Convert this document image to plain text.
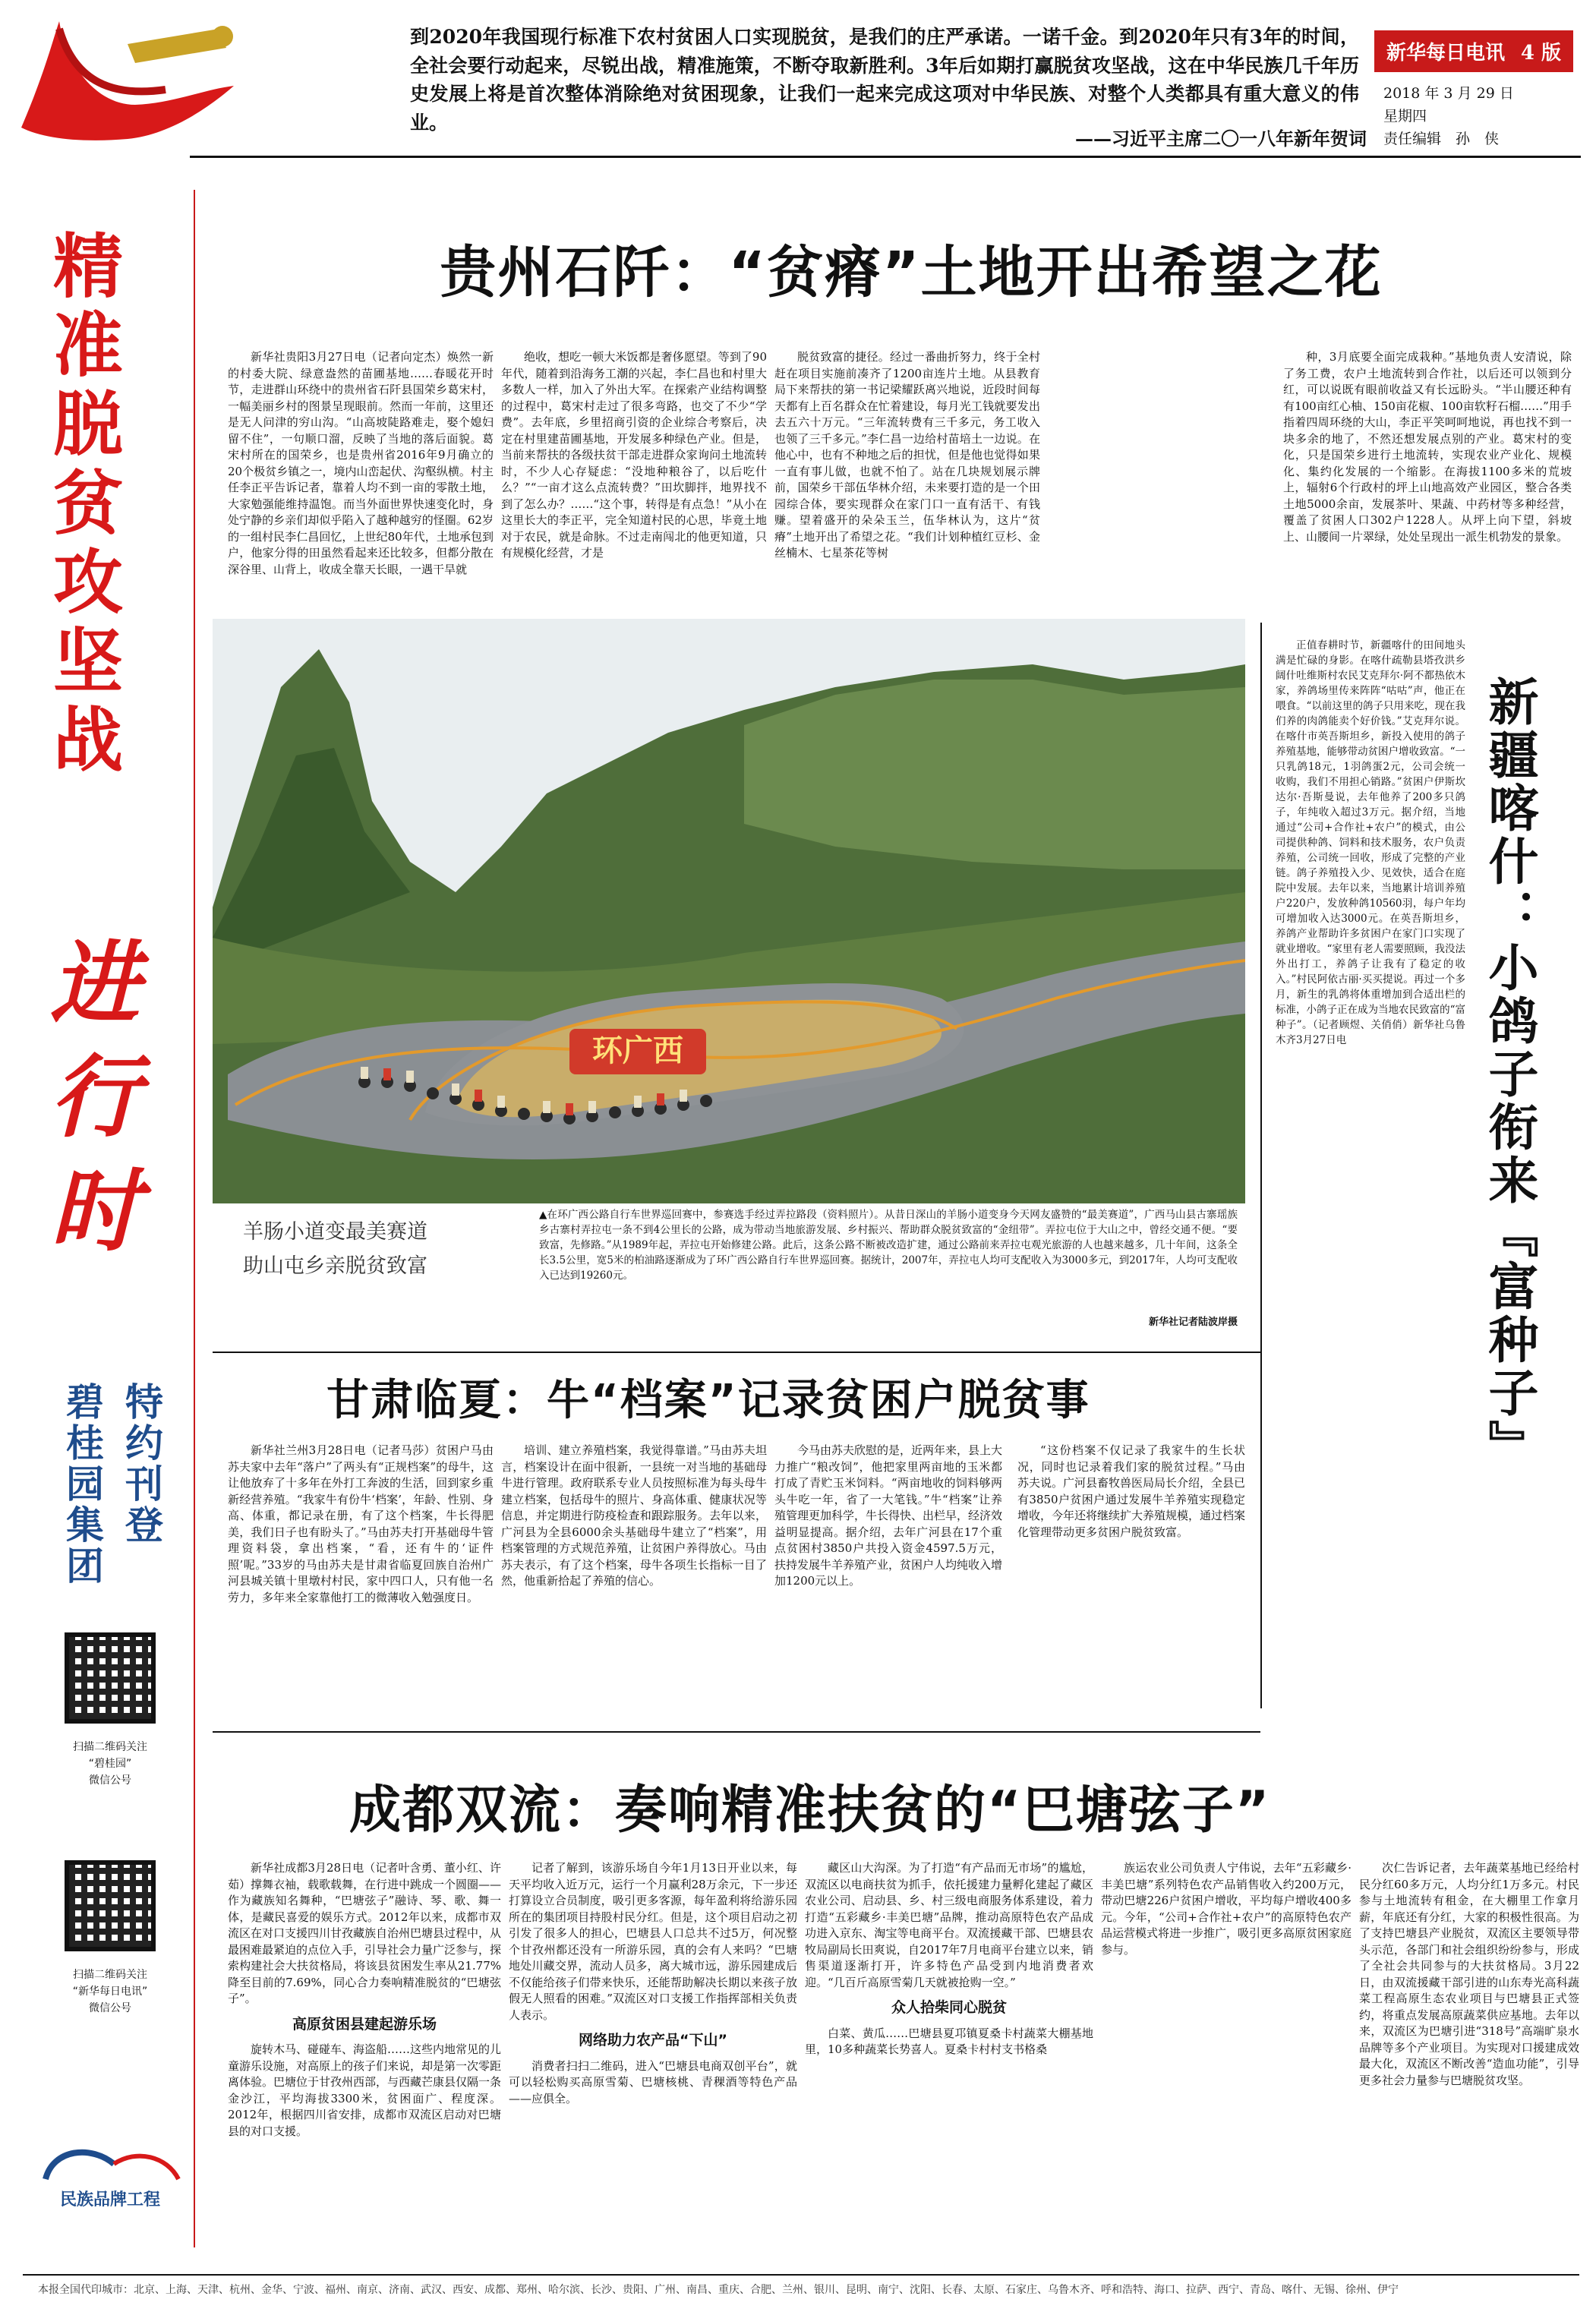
到2020年我国现行标准下农村贫困人口实现脱贫，是我们的庄严承诺。一诺千金。到2020年只有3年的时间，全社会要行动起来，尽锐出战，精准施策，不断夺取新胜利。3年后如期打赢脱贫攻坚战，这在中华民族几千年历史发展上将是首次整体消除绝对贫困现象，让我们一起来完成这项对中华民族、对整个人类都具有重大意义的伟业。
——习近平主席二〇一八年新年贺词
新华每日电讯 4 版
2018 年 3 月 29 日
星期四
责任编辑　孙　侠
精准脱贫攻坚战
进行时
特约刊登
碧桂园集团
扫描二维码关注
“碧桂园”
微信公号
扫描二维码关注
“新华每日电讯”
微信公号
民族品牌工程
贵州石阡：“贫瘠”土地开出希望之花
新华社贵阳3月27日电（记者向定杰）焕然一新的村委大院、绿意盎然的苗圃基地……春暖花开时节，走进群山环绕中的贵州省石阡县国荣乡葛宋村，一幅美丽乡村的图景呈现眼前。然而一年前，这里还是无人问津的穷山沟。“山高坡陡路难走，娶个媳妇留不住”，一句顺口溜，反映了当地的落后面貌。葛宋村所在的国荣乡，也是贵州省2016年9月确立的20个极贫乡镇之一，境内山峦起伏、沟壑纵横。村主任李正平告诉记者，靠着人均不到一亩的零散土地，大家勉强能维持温饱。而当外面世界快速变化时，身处宁静的乡亲们却似乎陷入了越种越穷的怪圈。62岁的一组村民李仁昌回忆，上世纪80年代，土地承包到户，他家分得的田虽然看起来还比较多，但都分散在深谷里、山背上，收成全靠天长眼，一遇干旱就
绝收，想吃一顿大米饭都是奢侈愿望。等到了90年代，随着到沿海务工潮的兴起，李仁昌也和村里大多数人一样，加入了外出大军。在探索产业结构调整的过程中，葛宋村走过了很多弯路，也交了不少“学费”。去年底，乡里招商引资的企业综合考察后，决定在村里建苗圃基地，开发展多种绿色产业。但是，当前来帮扶的各级扶贫干部走进群众家询问土地流转时，不少人心存疑虑：“没地种粮谷了，以后吃什么？”“一亩才这么点流转费？”田坎脚拌，地界找不到了怎么办？……“这个事，转得是有点急！”从小在这里长大的李正平，完全知道村民的心思，毕竟土地对于农民，就是命脉。不过走南闯北的他更知道，只有规模化经营，才是
脱贫致富的捷径。经过一番曲折努力，终于全村赶在项目实施前凑齐了1200亩连片土地。从县教育局下来帮扶的第一书记梁耀跃离兴地说，近段时间每天都有上百名群众在忙着建设，每月光工钱就要发出去五六十万元。“三年流转费有三千多元，务工收入也领了三千多元。”李仁昌一边给村苗培土一边说。在他心中，也有不种地之后的担忧，但是他也觉得如果一直有事儿做，也就不怕了。站在几块规划展示牌前，国荣乡干部伍华林介绍，未来要打造的是一个田园综合体，要实现群众在家门口一直有活干、有钱赚。望着盛开的朵朵玉兰，伍华林认为，这片“贫瘠”土地开出了希望之花。“我们计划种植红豆杉、金丝楠木、七星茶花等树
种，3月底要全面完成栽种。”基地负责人安清说，除了务工费，农户土地流转到合作社，以后还可以领到分红，可以说既有眼前收益又有长远盼头。“半山腰还种有有100亩红心柚、150亩花椒、100亩软籽石榴……”用手指着四周环绕的大山，李正平笑呵呵地说，再也找不到一块多余的地了，不然还想发展点别的产业。葛宋村的变化，只是国荣乡进行土地流转，实现农业产业化、规模化、集约化发展的一个缩影。在海拔1100多米的荒坡上，辐射6个行政村的坪上山地高效产业园区，整合各类土地5000余亩，发展茶叶、果蔬、中药材等多种经营，覆盖了贫困人口302户1228人。从坪上向下望，斜坡上、山腰间一片翠绿，处处呈现出一派生机勃发的景象。
环广西
羊肠小道变最美赛道
助山屯乡亲脱贫致富
▲在环广西公路自行车世界巡回赛中，参赛选手经过弄拉路段（资料照片）。从昔日深山的羊肠小道变身今天网友盛赞的“最美赛道”，广西马山县古寨瑶族乡古寨村弄拉屯一条不到4公里长的公路，成为带动当地旅游发展、乡村振兴、帮助群众脱贫致富的“金纽带”。弄拉屯位于大山之中，曾经交通不便。“要致富，先修路。”从1989年起，弄拉屯开始修建公路。此后，这条公路不断被改造扩建，通过公路前来弄拉屯观光旅游的人也越来越多，几十年间，这条全长3.5公里，宽5米的柏油路逐渐成为了环广西公路自行车世界巡回赛。据统计，2007年，弄拉屯人均可支配收入为3000多元，到2017年，人均可支配收入已达到19260元。
新华社记者陆波岸摄	新疆喀什：小鸽子衔来『富种子』
正值春耕时节，新疆喀什的田间地头满是忙碌的身影。在喀什疏勒县塔孜洪乡阔什吐维斯村农民艾克拜尔·阿不都热依木家，养鸽场里传来阵阵“咕咕”声，他正在喂食。“以前这里的鸽子只用来吃，现在我们养的肉鸽能卖个好价钱。”艾克拜尔说。在喀什市英吾斯坦乡，新投入使用的鸽子养殖基地，能够带动贫困户增收致富。“一只乳鸽18元，1羽鸽蛋2元，公司会统一收购，我们不用担心销路。”贫困户伊斯坎达尔·吾斯曼说，去年他养了200多只鸽子，年纯收入超过3万元。据介绍，当地通过“公司+合作社+农户”的模式，由公司提供种鸽、饲料和技术服务，农户负责养殖，公司统一回收，形成了完整的产业链。鸽子养殖投入少、见效快，适合在庭院中发展。去年以来，当地累计培训养殖户220户，发放种鸽10560羽，每户年均可增加收入达3000元。在英吾斯坦乡，养鸽产业帮助许多贫困户在家门口实现了就业增收。“家里有老人需要照顾，我没法外出打工，养鸽子让我有了稳定的收入。”村民阿依古丽·买买提说。再过一个多月，新生的乳鸽将体重增加到合适出栏的标准，小鸽子正在成为当地农民致富的“富种子”。（记者顾煜、关俏俏）新华社乌鲁木齐3月27日电
甘肃临夏：牛“档案”记录贫困户脱贫事
新华社兰州3月28日电（记者马莎）贫困户马由苏夫家中去年“落户”了两头有“正规档案”的母牛，这让他放弃了十多年在外打工奔波的生活，回到家乡重新经营养殖。“我家牛有份牛‘档案’，年龄、性别、身高、体重，都记录在册，有了这个档案，牛长得肥美，我们日子也有盼头了。”马由苏夫打开基础母牛管理资料袋，拿出档案，“看，还有牛的‘证件照’呢。”33岁的马由苏夫是甘肃省临夏回族自治州广河县城关镇十里墩村村民，家中四口人，只有他一名劳力，多年来全家靠他打工的微薄收入勉强度日。
培训、建立养殖档案，我觉得靠谱。”马由苏夫坦言，档案设计在面中很新，一县统一对当地的基础母牛进行管理。政府联系专业人员按照标准为每头母牛建立档案，包括母牛的照片、身高体重、健康状况等信息，并定期进行防疫检查和跟踪服务。去年以来，广河县为全县6000余头基础母牛建立了“档案”，用档案管理的方式规范养殖，让贫困户养得放心。马由苏夫表示，有了这个档案，母牛各项生长指标一目了然，他重新拾起了养殖的信心。
今马由苏夫欣慰的是，近两年来，县上大力推广“粮改饲”，他把家里两亩地的玉米都打成了青贮玉米饲料。“两亩地收的饲料够两头牛吃一年，省了一大笔钱。”牛“档案”让养殖管理更加科学，牛长得快、出栏早，经济效益明显提高。据介绍，去年广河县在17个重点贫困村3850户共投入资金4597.5万元，扶持发展牛羊养殖产业，贫困户人均纯收入增加1200元以上。
“这份档案不仅记录了我家牛的生长状况，同时也记录着我们家的脱贫过程。”马由苏夫说。广河县畜牧兽医局局长介绍，全县已有3850户贫困户通过发展牛羊养殖实现稳定增收，今年还将继续扩大养殖规模，通过档案化管理带动更多贫困户脱贫致富。
成都双流：奏响精准扶贫的“巴塘弦子”

新华社成都3月28日电（记者叶含勇、董小红、许茹）撑舞衣袖，载歌载舞，在行进中跳成一个圆圈——作为藏族知名舞种，“巴塘弦子”融诗、琴、歌、舞一体，是藏民喜爱的娱乐方式。2012年以来，成都市双流区在对口支援四川甘孜藏族自治州巴塘县过程中，从最困难最紧迫的点位入手，引导社会力量广泛参与，探索构建社会大扶贫格局，将该县贫困发生率从21.77%降至目前的7.69%，同心合力奏响精准脱贫的“巴塘弦子”。

高原贫困县建起游乐场

旋转木马、碰碰车、海盗船……这些内地常见的儿童游乐设施，对高原上的孩子们来说，却是第一次零距离体验。巴塘位于甘孜州西部，与西藏芒康县仅隔一条金沙江，平均海拔3300米，贫困面广、程度深。2012年，根据四川省安排，成都市双流区启动对巴塘县的对口支援。

记者了解到，该游乐场自今年1月13日开业以来，每天平均收入近万元，运行一个月赢利28万余元，下一步还打算设立合员制度，吸引更多客源，每年盈利将给游乐园所在的集团项目持股村民分红。但是，这个项目启动之初引发了很多人的担心，巴塘县人口总共不过5万，何况整个甘孜州都还没有一所游乐园，真的会有人来吗？“巴塘地处川藏交界，流动人员多，离大城市远，游乐园建成后不仅能给孩子们带来快乐，还能帮助解决长期以来孩子放假无人照看的困难。”双流区对口支援工作指挥部相关负责人表示。

网络助力农产品“下山”

消费者扫扫二维码，进入“巴塘县电商双创平台”，就可以轻松购买高原雪菊、巴塘核桃、青稞酒等特色产品——应俱全。

藏区山大沟深。为了打造“有产品而无市场”的尴尬，双流区以电商扶贫为抓手，依托援建力量孵化建起了藏区农业公司、启动县、乡、村三级电商服务体系建设，着力打造“五彩藏乡·丰美巴塘”品牌，推动高原特色农产品成功进入京东、淘宝等电商平台。双流援藏干部、巴塘县农牧局副局长田爽说，自2017年7月电商平台建立以来，销售渠道逐渐打开，许多特色产品受到内地消费者欢迎。“几百斤高原雪菊几天就被抢购一空。”

众人拾柴同心脱贫

白菜、黄瓜……巴塘县夏邛镇夏桑卡村蔬菜大棚基地里，10多种蔬菜长势喜人。夏桑卡村村支书格桑

族运农业公司负责人宁伟说，去年“五彩藏乡·丰美巴塘”系列特色农产品销售收入约200万元，带动巴塘226户贫困户增收，平均每户增收400多元。今年，“公司+合作社+农户”的高原特色农产品运营模式将进一步推广，吸引更多高原贫困家庭参与。
次仁告诉记者，去年蔬菜基地已经给村民分红60多万元，人均分红1万多元。村民参与土地流转有租金，在大棚里工作拿月薪，年底还有分红，大家的积极性很高。为了支持巴塘县产业脱贫，双流区主要领导带头示范，各部门和社会组织纷纷参与，形成了全社会共同参与的大扶贫格局。3月22日，由双流援藏干部引进的山东寿光高科蔬菜工程高原生态农业项目与巴塘县正式签约，将重点发展高原蔬菜供应基地。去年以来，双流区为巴塘引进“318号”高端旷泉水品牌等多个产业项目。为实现对口援建成效最大化，双流区不断改善“造血功能”，引导更多社会力量参与巴塘脱贫攻坚。
本报全国代印城市：北京、上海、天津、杭州、金华、宁波、福州、南京、济南、武汉、西安、成都、郑州、哈尔滨、长沙、贵阳、广州、南昌、重庆、合肥、兰州、银川、昆明、南宁、沈阳、长春、太原、石家庄、乌鲁木齐、呼和浩特、海口、拉萨、西宁、青岛、喀什、无锡、徐州、伊宁
